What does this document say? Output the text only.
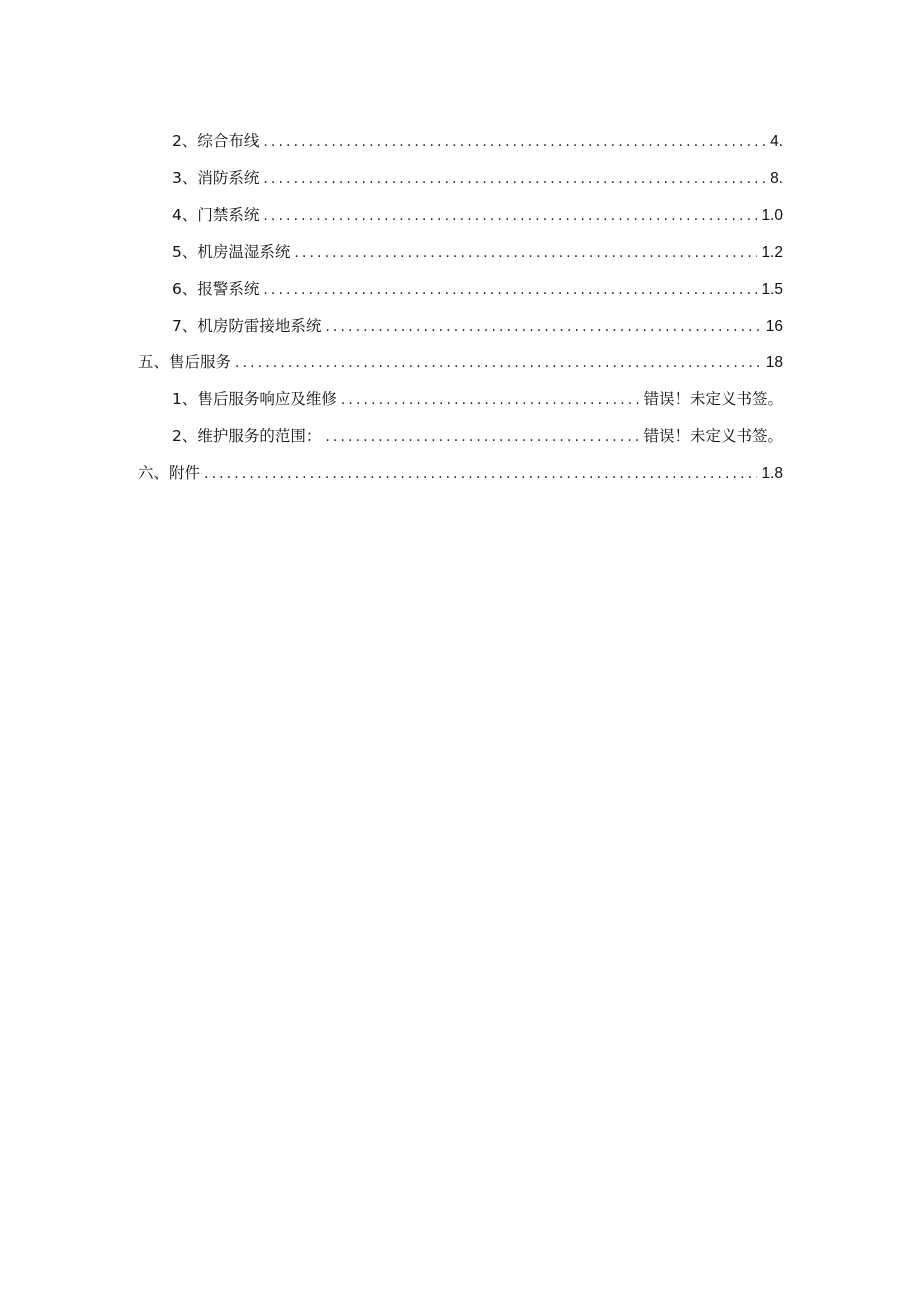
2、综合布线 .....	4.
3、消防系统 .....	8.
4、门禁系统 .....	1.0
5、机房温湿系统 .....	1.2
6、报警系统 .....	1.5
7、机房防雷接地系统 .....	16
五、售后服务 .....	18
1、售后服务响应及维修 .....	错误！未定义书签。
2、维护服务的范围： .....	错误！未定义书签。
六、附件 .....	1.8
